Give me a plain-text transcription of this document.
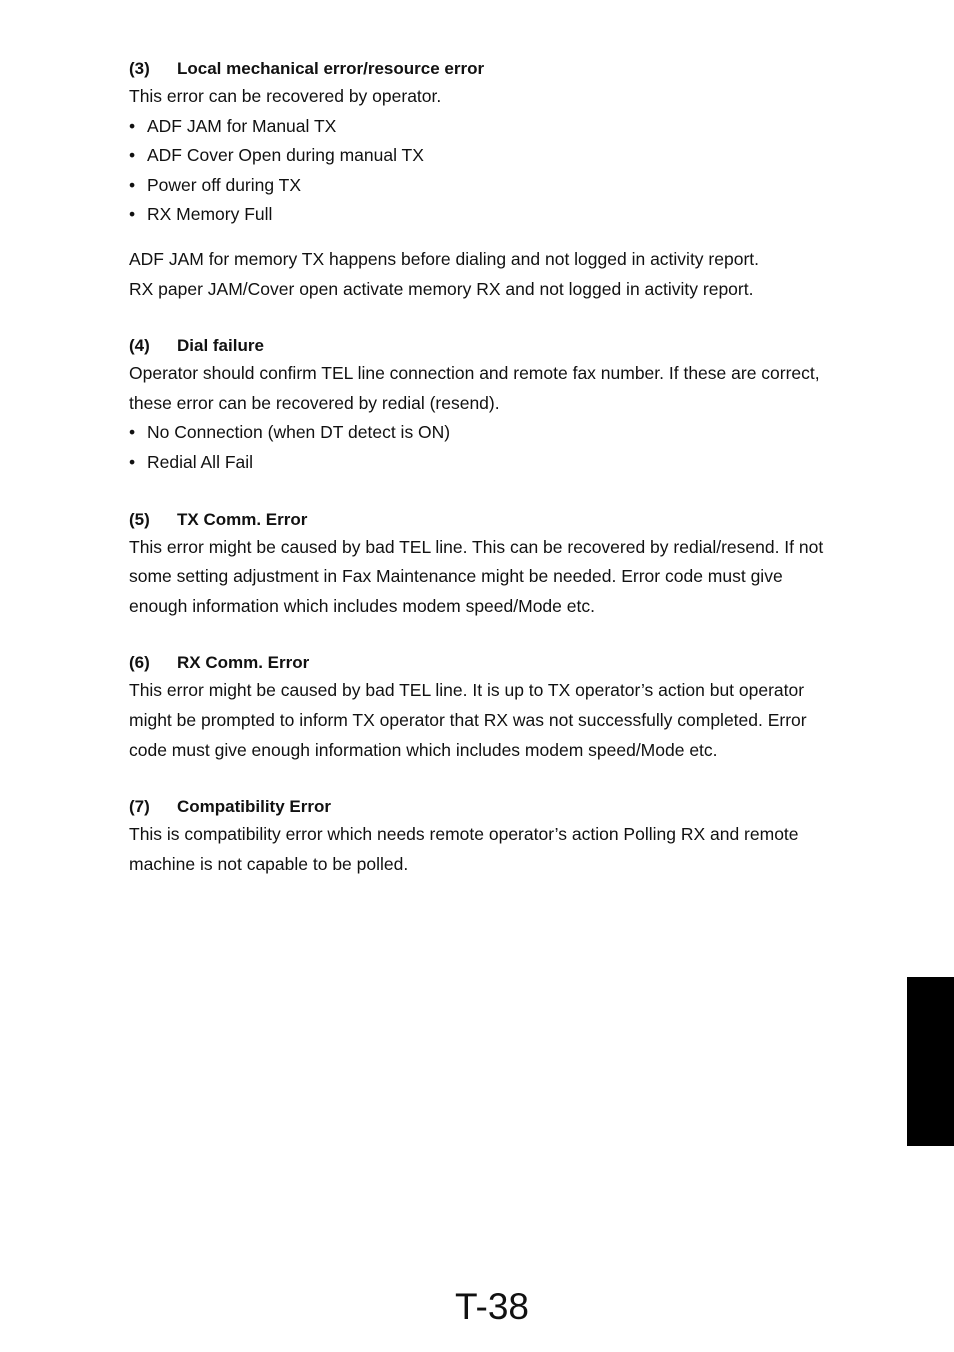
(3)	Local mechanical error/resource error

This error can be recovered by operator.

• ADF JAM for Manual TX
• ADF Cover Open during manual TX
• Power off during TX
• RX Memory Full

ADF JAM for memory TX happens before dialing and not logged in activity report.

RX paper JAM/Cover open activate memory RX and not logged in activity report.

(4)	Dial failure

Operator should confirm TEL line connection and remote fax number. If these are correct,

these error can be recovered by redial (resend).

• No Connection (when DT detect is ON)
• Redial All Fail
(5)	TX Comm. Error

This error might be caused by bad TEL line. This can be recovered by redial/resend. If not

some setting adjustment in Fax Maintenance might be needed. Error code must give

enough information which includes modem speed/Mode etc.

(6)	RX Comm. Error

This error might be caused by bad TEL line. It is up to TX operator’s action but operator

might be prompted to inform TX operator that RX was not successfully completed. Error

code must give enough information which includes modem speed/Mode etc.

(7)	Compatibility Error

This is compatibility error which needs remote operator’s action Polling RX and remote

machine is not capable to be polled.

T-38
